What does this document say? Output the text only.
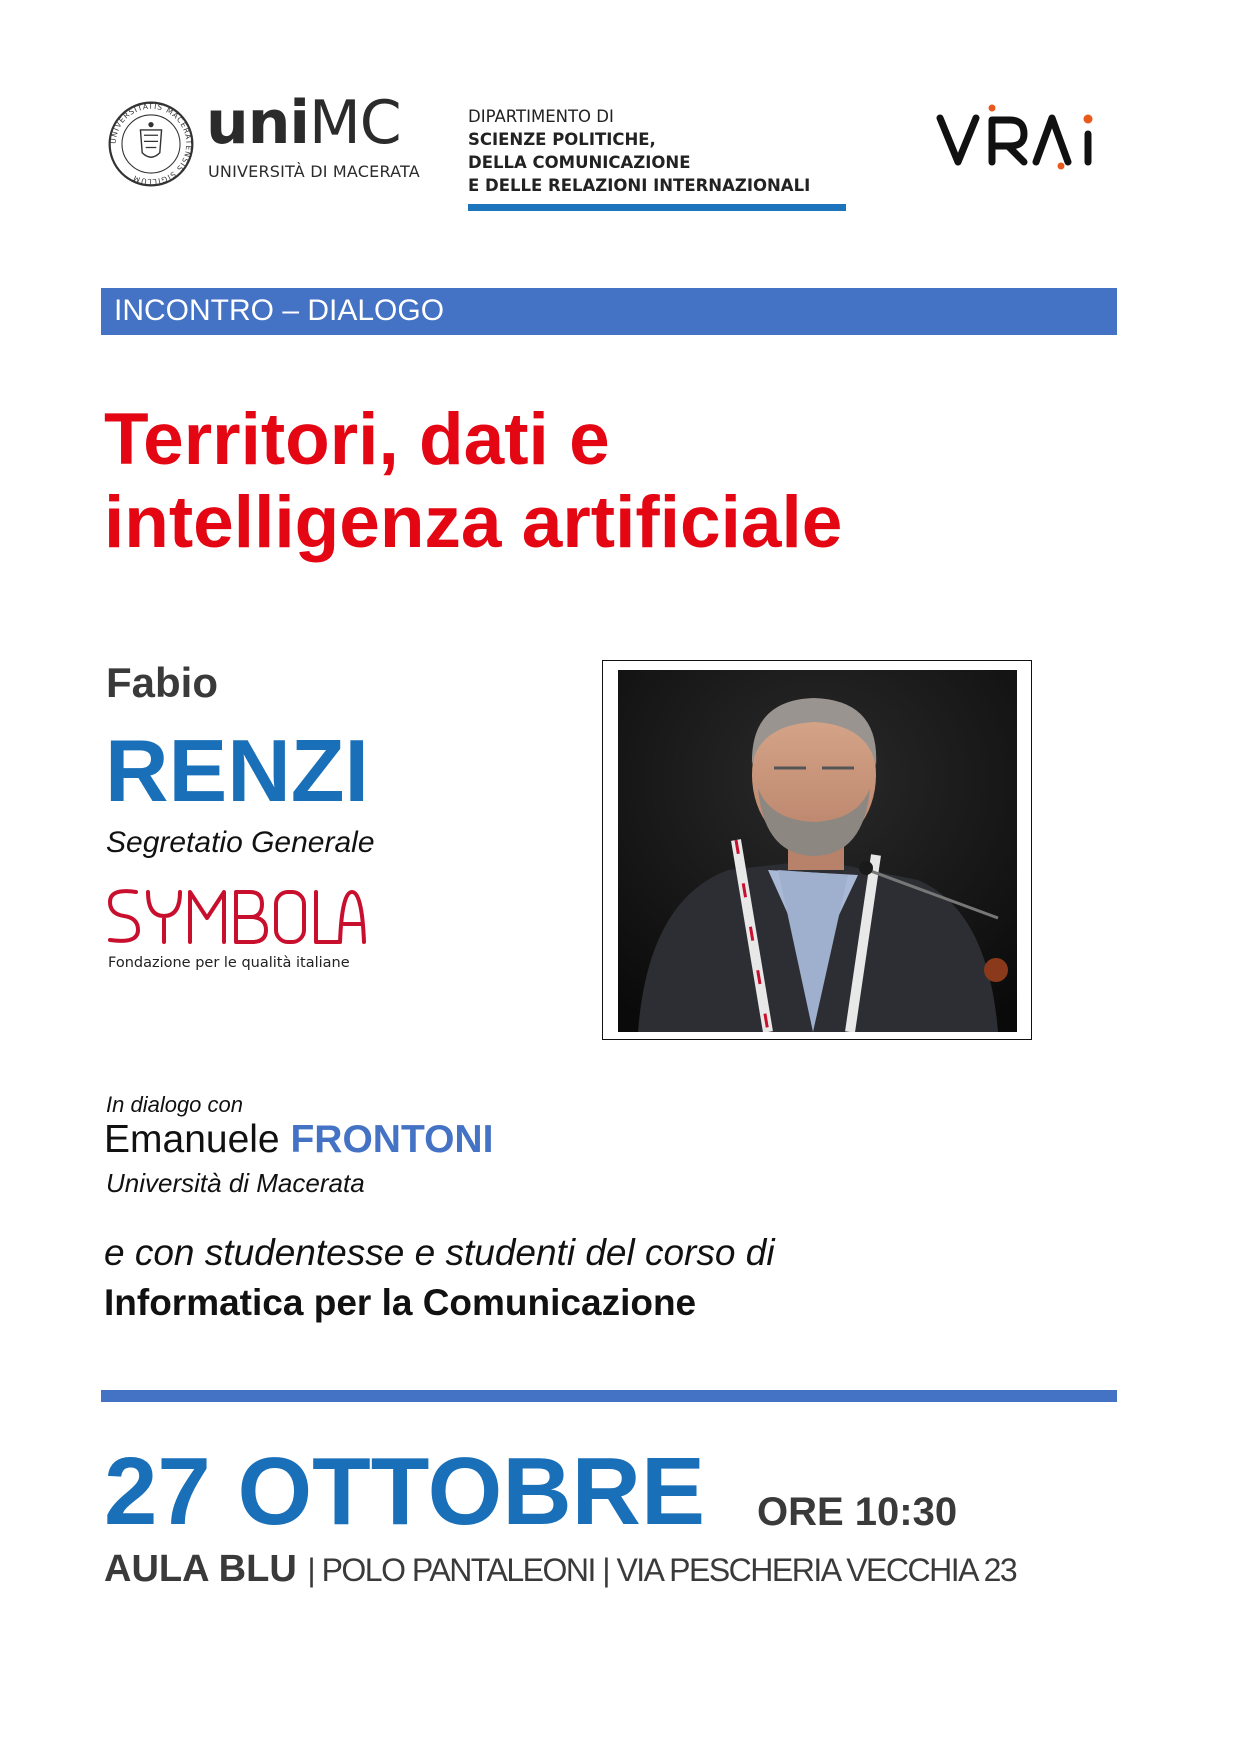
UNIVERSITATIS MACERATENSIS SIGILLUM
uniMC
UNIVERSITÀ DI MACERATA
DIPARTIMENTO DI
SCIENZE POLITICHE,
DELLA COMUNICAZIONE
E DELLE RELAZIONI INTERNAZIONALI
INCONTRO – DIALOGO
Territori, dati e
intelligenza artificiale
Fabio
RENZI
Segretatio Generale
SYMBOLA
Fondazione per le qualità italiane
In dialogo con
Emanuele FRONTONI
Università di Macerata
e con studentesse e studenti del corso di
Informatica per la Comunicazione
27 OTTOBRE ORE 10:30
AULA BLU | POLO PANTALEONI | VIA PESCHERIA VECCHIA 23
